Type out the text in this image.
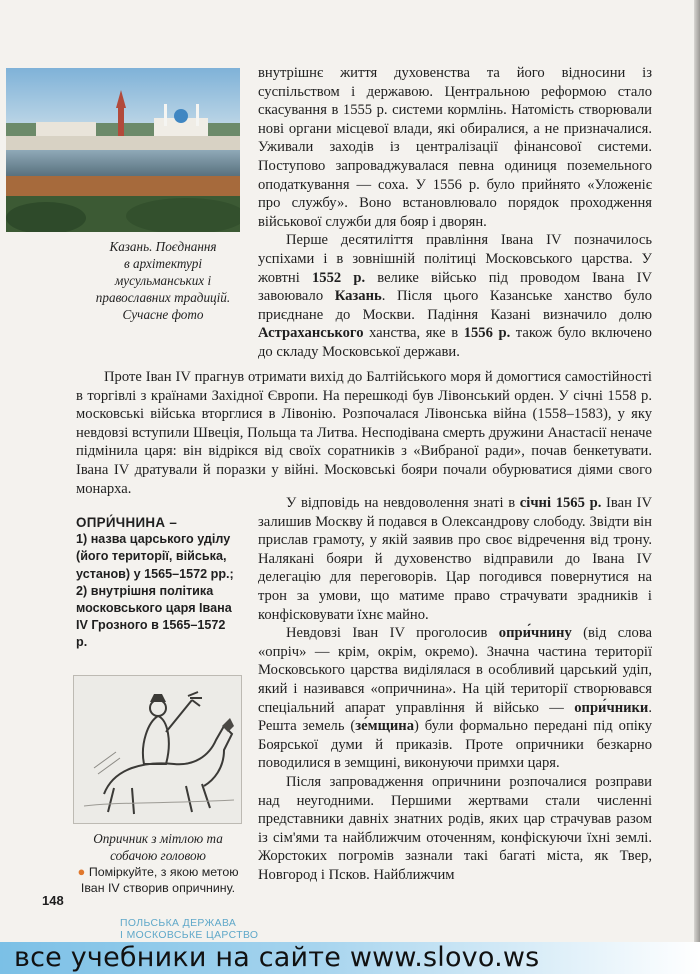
Казань. Поєднання
в архітектурі
мусульманських і
православних традицій.
Сучасне фото

внутрішнє життя духовенства та його відносини із суспільством і державою. Центральною реформою стало скасування в 1555 р. системи кормлінь. Натомість створювали нові органи місцевої влади, які обиралися, а не призначалися. Уживали заходів із централізації фінансової системи. Поступово запроваджувалася певна одиниця поземельного оподаткування — соха. У 1556 р. було прийнято «Уложеніє про службу». Воно встановлювало порядок проходження військової служби для бояр і дворян.

Перше десятиліття правління Івана IV позначилось успіхами і в зовнішній політиці Московського царства. У жовтні 1552 р. велике військо під проводом Івана IV завоювало Казань. Після цього Казанське ханство було приєднане до Москви. Падіння Казані визначило долю Астраханського ханства, яке в 1556 р. також було включено до складу Московської держави.

Проте Іван IV прагнув отримати вихід до Балтійського моря й домогтися самостійності в торгівлі з країнами Західної Європи. На перешкоді був Лівонський орден. У січні 1558 р. московські війська вторглися в Лівонію. Розпочалася Лівонська війна (1558–1583), у яку невдовзі вступили Швеція, Польща та Литва. Несподівана смерть дружини Анастасії неначе підмінила царя: він відрікся від своїх соратників з «Вибраної ради», почав бенкетувати. Івана IV дратували й поразки у війні. Московські бояри почали обурюватися діями свого монарха.

У відповідь на невдоволення знаті в січні 1565 р. Іван IV залишив Москву й подався в Олександрову слободу. Звідти він прислав грамоту, у якій заявив про своє відречення від трону. Налякані бояри й духовенство відправили до Івана IV делегацію для переговорів. Цар погодився повернутися на трон за умови, що матиме право страчувати зрадників і конфісковувати їхнє майно.

Невдовзі Іван IV проголосив опри́чнину (від слова «опріч» — крім, окрім, окремо). Значна частина території Московського царства виділялася в особливий царський удіп, який і називався «опричнина». На цій території створювався спеціальний апарат управління й військо — опри́чники. Решта земель (зе́мщина) були формально передані під опіку Боярської думи й приказів. Проте опричники безкарно поводилися в земщині, виконуючи примхи царя.

Після запровадження опричнини розпочалися розправи над неугодними. Першими жертвами стали численні представники давніх знатних родів, яких цар страчував разом із сім'ями та найближчим оточенням, конфіскуючи їхні землі. Жорстоких погромів зазнали такі багаті міста, як Твер, Новгород і Псков. Найближчим

ОПРИ́ЧНИНА –
1) назва царського уділу (його території, війська, установ) у 1565–1572 рр.;
2) внутрішня політика московського царя Івана IV Грозного в 1565–1572 р.
Опричник з мітлою та
собачою головою
● Поміркуйте, з якою метою Іван IV створив опричнину.
148
ПОЛЬСЬКА ДЕРЖАВА
І МОСКОВСЬКЕ ЦАРСТВО
все учебники на сайте www.slovo.ws
